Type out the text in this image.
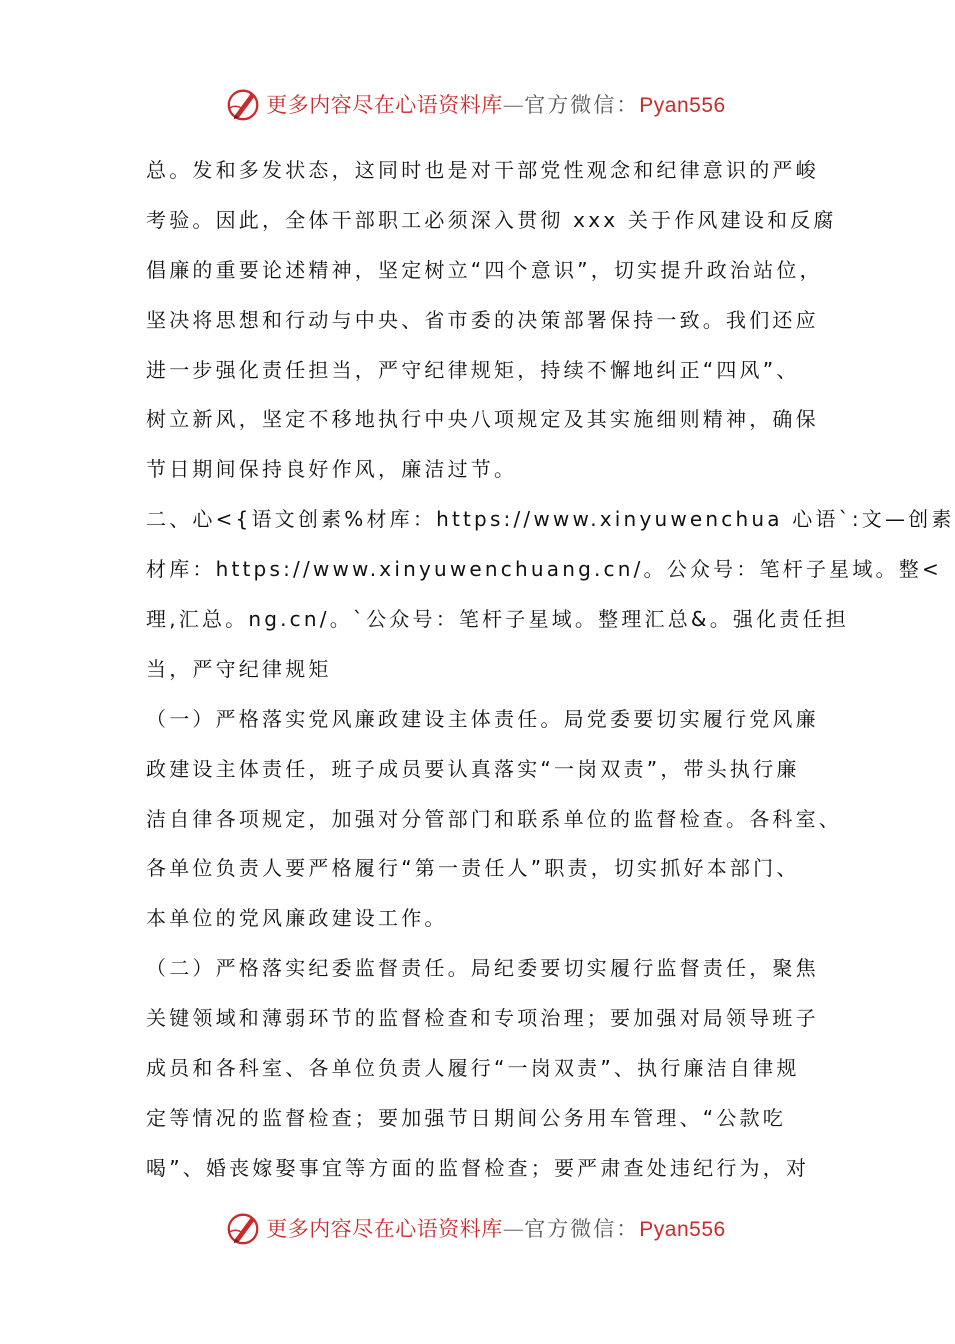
更多内容尽在心语资料库—官方微信：Pyan556
总。发和多发状态，这同时也是对干部党性观念和纪律意识的严峻
考验。因此，全体干部职工必须深入贯彻 xxx 关于作风建设和反腐
倡廉的重要论述精神，坚定树立“四个意识”，切实提升政治站位，
坚决将思想和行动与中央、省市委的决策部署保持一致。我们还应
进一步强化责任担当，严守纪律规矩，持续不懈地纠正“四风”、
树立新风，坚定不移地执行中央八项规定及其实施细则精神，确保
节日期间保持良好作风，廉洁过节。
二、心<{语文创素%材库：https://www.xinyuwenchua 心语`:文—创素
材库：https://www.xinyuwenchuang.cn/。公众号：笔杆子星域。整<
理,汇总。ng.cn/。`公众号：笔杆子星域。整理汇总&。强化责任担
当，严守纪律规矩
（一）严格落实党风廉政建设主体责任。局党委要切实履行党风廉
政建设主体责任，班子成员要认真落实“一岗双责”，带头执行廉
洁自律各项规定，加强对分管部门和联系单位的监督检查。各科室、
各单位负责人要严格履行“第一责任人”职责，切实抓好本部门、
本单位的党风廉政建设工作。
（二）严格落实纪委监督责任。局纪委要切实履行监督责任，聚焦
关键领域和薄弱环节的监督检查和专项治理；要加强对局领导班子
成员和各科室、各单位负责人履行“一岗双责”、执行廉洁自律规
定等情况的监督检查；要加强节日期间公务用车管理、“公款吃
喝”、婚丧嫁娶事宜等方面的监督检查；要严肃查处违纪行为，对
更多内容尽在心语资料库—官方微信：Pyan556
